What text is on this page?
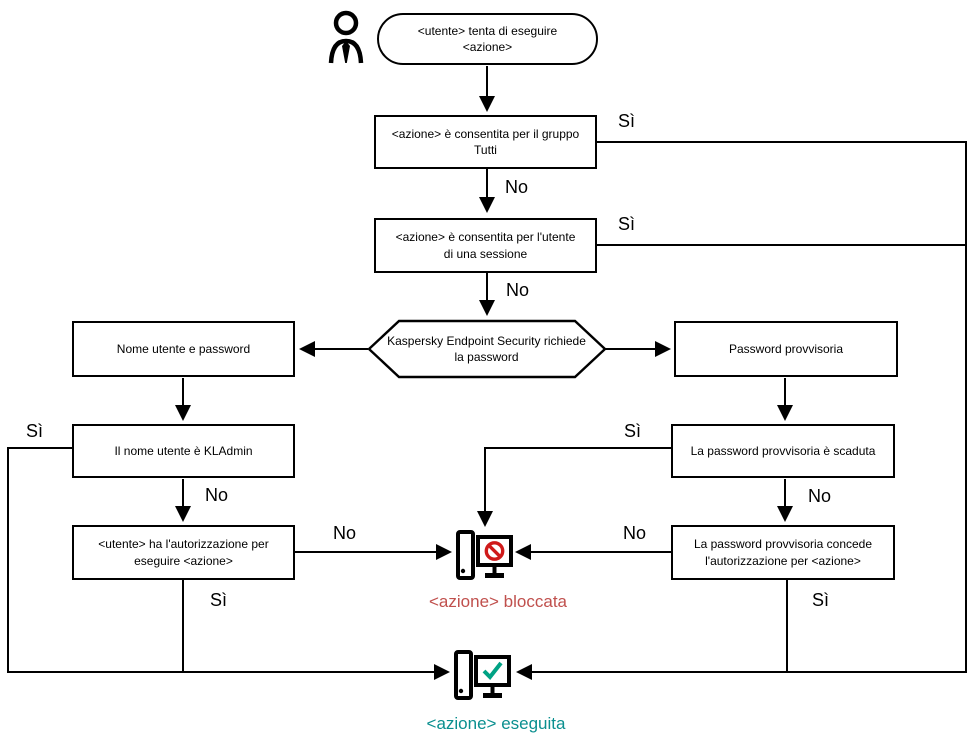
<utente> tenta di eseguire <azione>
<azione> è consentita per il gruppo Tutti
<azione> è consentita per l'utente di una sessione
Kaspersky Endpoint Security richiede la password
Nome utente e password	Password provvisoria
Il nome utente è KLAdmin	La password provvisoria è scaduta
<utente> ha l'autorizzazione per eseguire <azione>
La password provvisoria concede l'autorizzazione per <azione>
<azione> bloccata
<azione> eseguita
Sì
No
Sì
No
Sì
No
No
Sì
Sì
No
No
Sì
